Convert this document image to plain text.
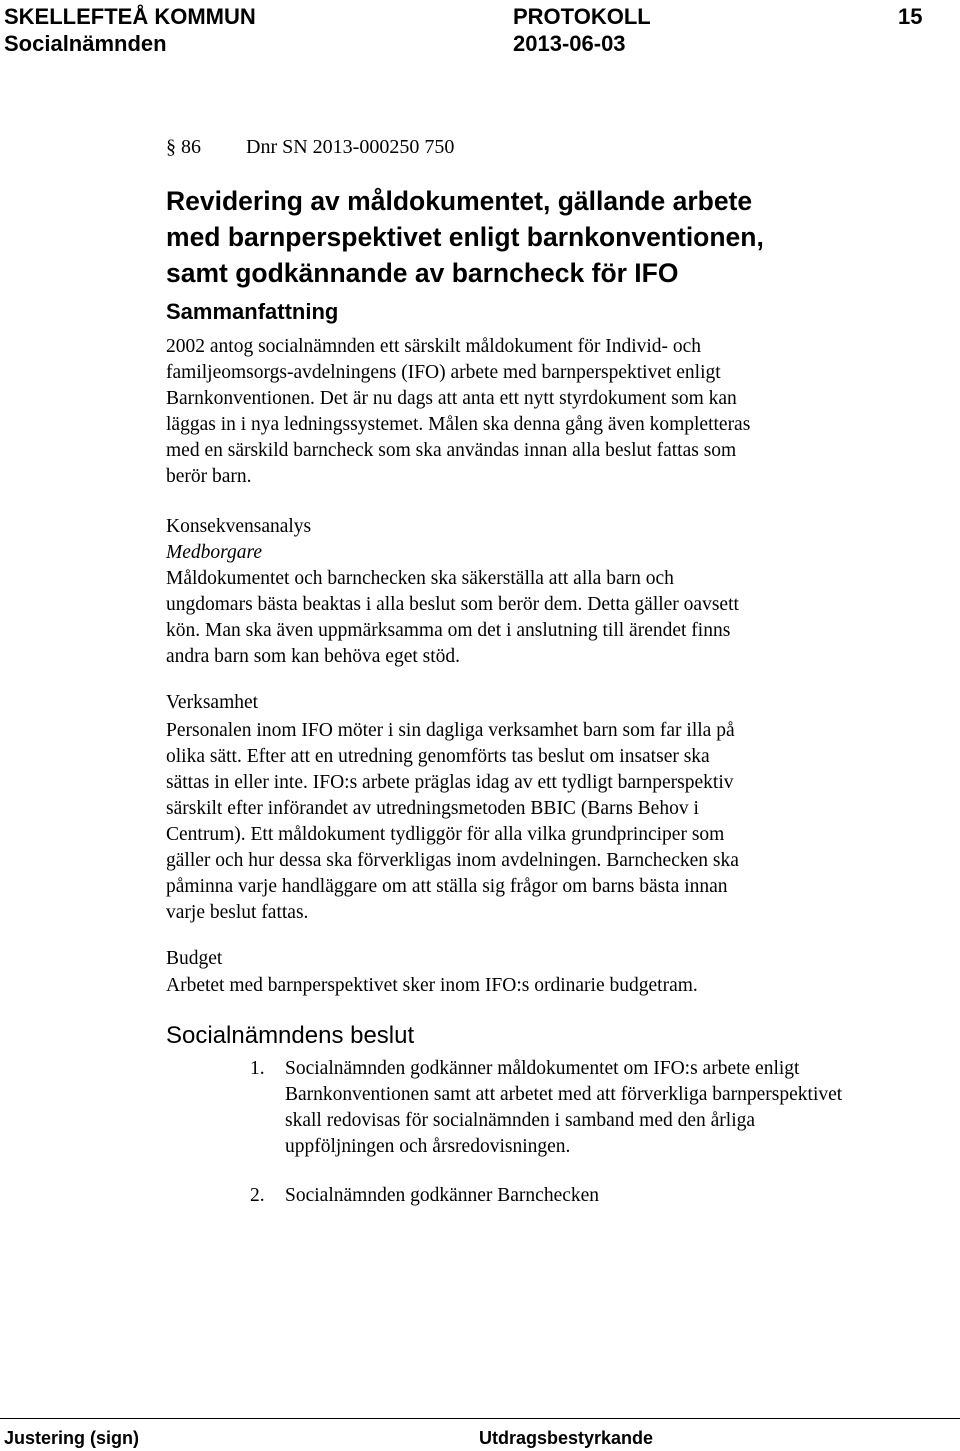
SKELLEFTEÅ KOMMUN	PROTOKOLL	15
Socialnämnden	2013-06-03
§ 86 Dnr SN 2013-000250 750
Revidering av måldokumentet, gällande arbete
med barnperspektivet enligt barnkonventionen,
samt godkännande av barncheck för IFO
Sammanfattning
2002 antog socialnämnden ett särskilt måldokument för Individ- och
familjeomsorgs-avdelningens (IFO) arbete med barnperspektivet enligt
Barnkonventionen. Det är nu dags att anta ett nytt styrdokument som kan
läggas in i nya ledningssystemet. Målen ska denna gång även kompletteras
med en särskild barncheck som ska användas innan alla beslut fattas som
berör barn.
Konsekvensanalys
Medborgare
Måldokumentet och barnchecken ska säkerställa att alla barn och
ungdomars bästa beaktas i alla beslut som berör dem. Detta gäller oavsett
kön. Man ska även uppmärksamma om det i anslutning till ärendet finns
andra barn som kan behöva eget stöd.
Verksamhet
Personalen inom IFO möter i sin dagliga verksamhet barn som far illa på
olika sätt. Efter att en utredning genomförts tas beslut om insatser ska
sättas in eller inte. IFO:s arbete präglas idag av ett tydligt barnperspektiv
särskilt efter införandet av utredningsmetoden BBIC (Barns Behov i
Centrum). Ett måldokument tydliggör för alla vilka grundprinciper som
gäller och hur dessa ska förverkligas inom avdelningen. Barnchecken ska
påminna varje handläggare om att ställa sig frågor om barns bästa innan
varje beslut fattas.
Budget
Arbetet med barnperspektivet sker inom IFO:s ordinarie budgetram.
Socialnämndens beslut
1. Socialnämnden godkänner måldokumentet om IFO:s arbete enligt
Barnkonventionen samt att arbetet med att förverkliga barnperspektivet
skall redovisas för socialnämnden i samband med den årliga
uppföljningen och årsredovisningen.
2. Socialnämnden godkänner Barnchecken
Justering (sign)	Utdragsbestyrkande
